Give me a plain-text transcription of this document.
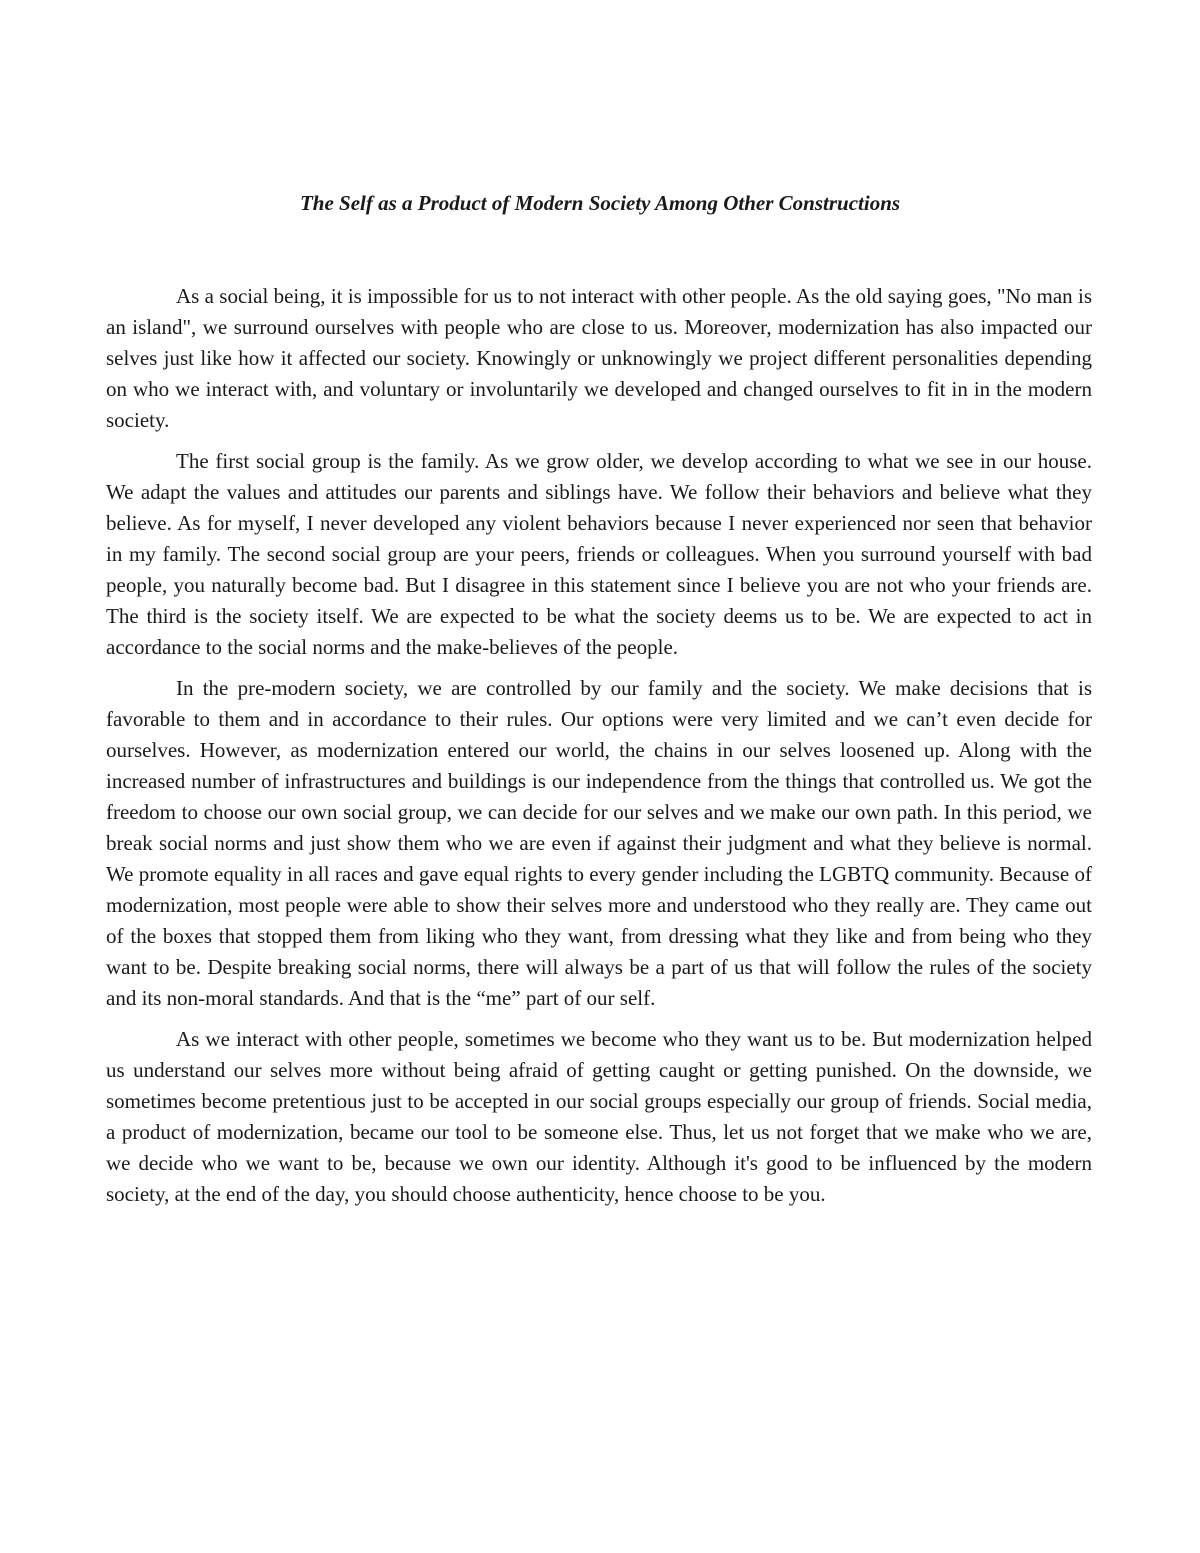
The Self as a Product of Modern Society Among Other Constructions

As a social being, it is impossible for us to not interact with other people. As the old saying goes, "No man is an island", we surround ourselves with people who are close to us. Moreover, modernization has also impacted our selves just like how it affected our society. Knowingly or unknowingly we project different personalities depending on who we interact with, and voluntary or involuntarily we developed and changed ourselves to fit in in the modern society.

The first social group is the family. As we grow older, we develop according to what we see in our house. We adapt the values and attitudes our parents and siblings have. We follow their behaviors and believe what they believe. As for myself, I never developed any violent behaviors because I never experienced nor seen that behavior in my family. The second social group are your peers, friends or colleagues. When you surround yourself with bad people, you naturally become bad. But I disagree in this statement since I believe you are not who your friends are. The third is the society itself. We are expected to be what the society deems us to be. We are expected to act in accordance to the social norms and the make-believes of the people.

In the pre-modern society, we are controlled by our family and the society. We make decisions that is favorable to them and in accordance to their rules. Our options were very limited and we can’t even decide for ourselves. However, as modernization entered our world, the chains in our selves loosened up. Along with the increased number of infrastructures and buildings is our independence from the things that controlled us. We got the freedom to choose our own social group, we can decide for our selves and we make our own path. In this period, we break social norms and just show them who we are even if against their judgment and what they believe is normal. We promote equality in all races and gave equal rights to every gender including the LGBTQ community. Because of modernization, most people were able to show their selves more and understood who they really are. They came out of the boxes that stopped them from liking who they want, from dressing what they like and from being who they want to be. Despite breaking social norms, there will always be a part of us that will follow the rules of the society and its non-moral standards. And that is the “me” part of our self.

As we interact with other people, sometimes we become who they want us to be. But modernization helped us understand our selves more without being afraid of getting caught or getting punished. On the downside, we sometimes become pretentious just to be accepted in our social groups especially our group of friends. Social media, a product of modernization, became our tool to be someone else. Thus, let us not forget that we make who we are, we decide who we want to be, because we own our identity. Although it's good to be influenced by the modern society, at the end of the day, you should choose authenticity, hence choose to be you.
